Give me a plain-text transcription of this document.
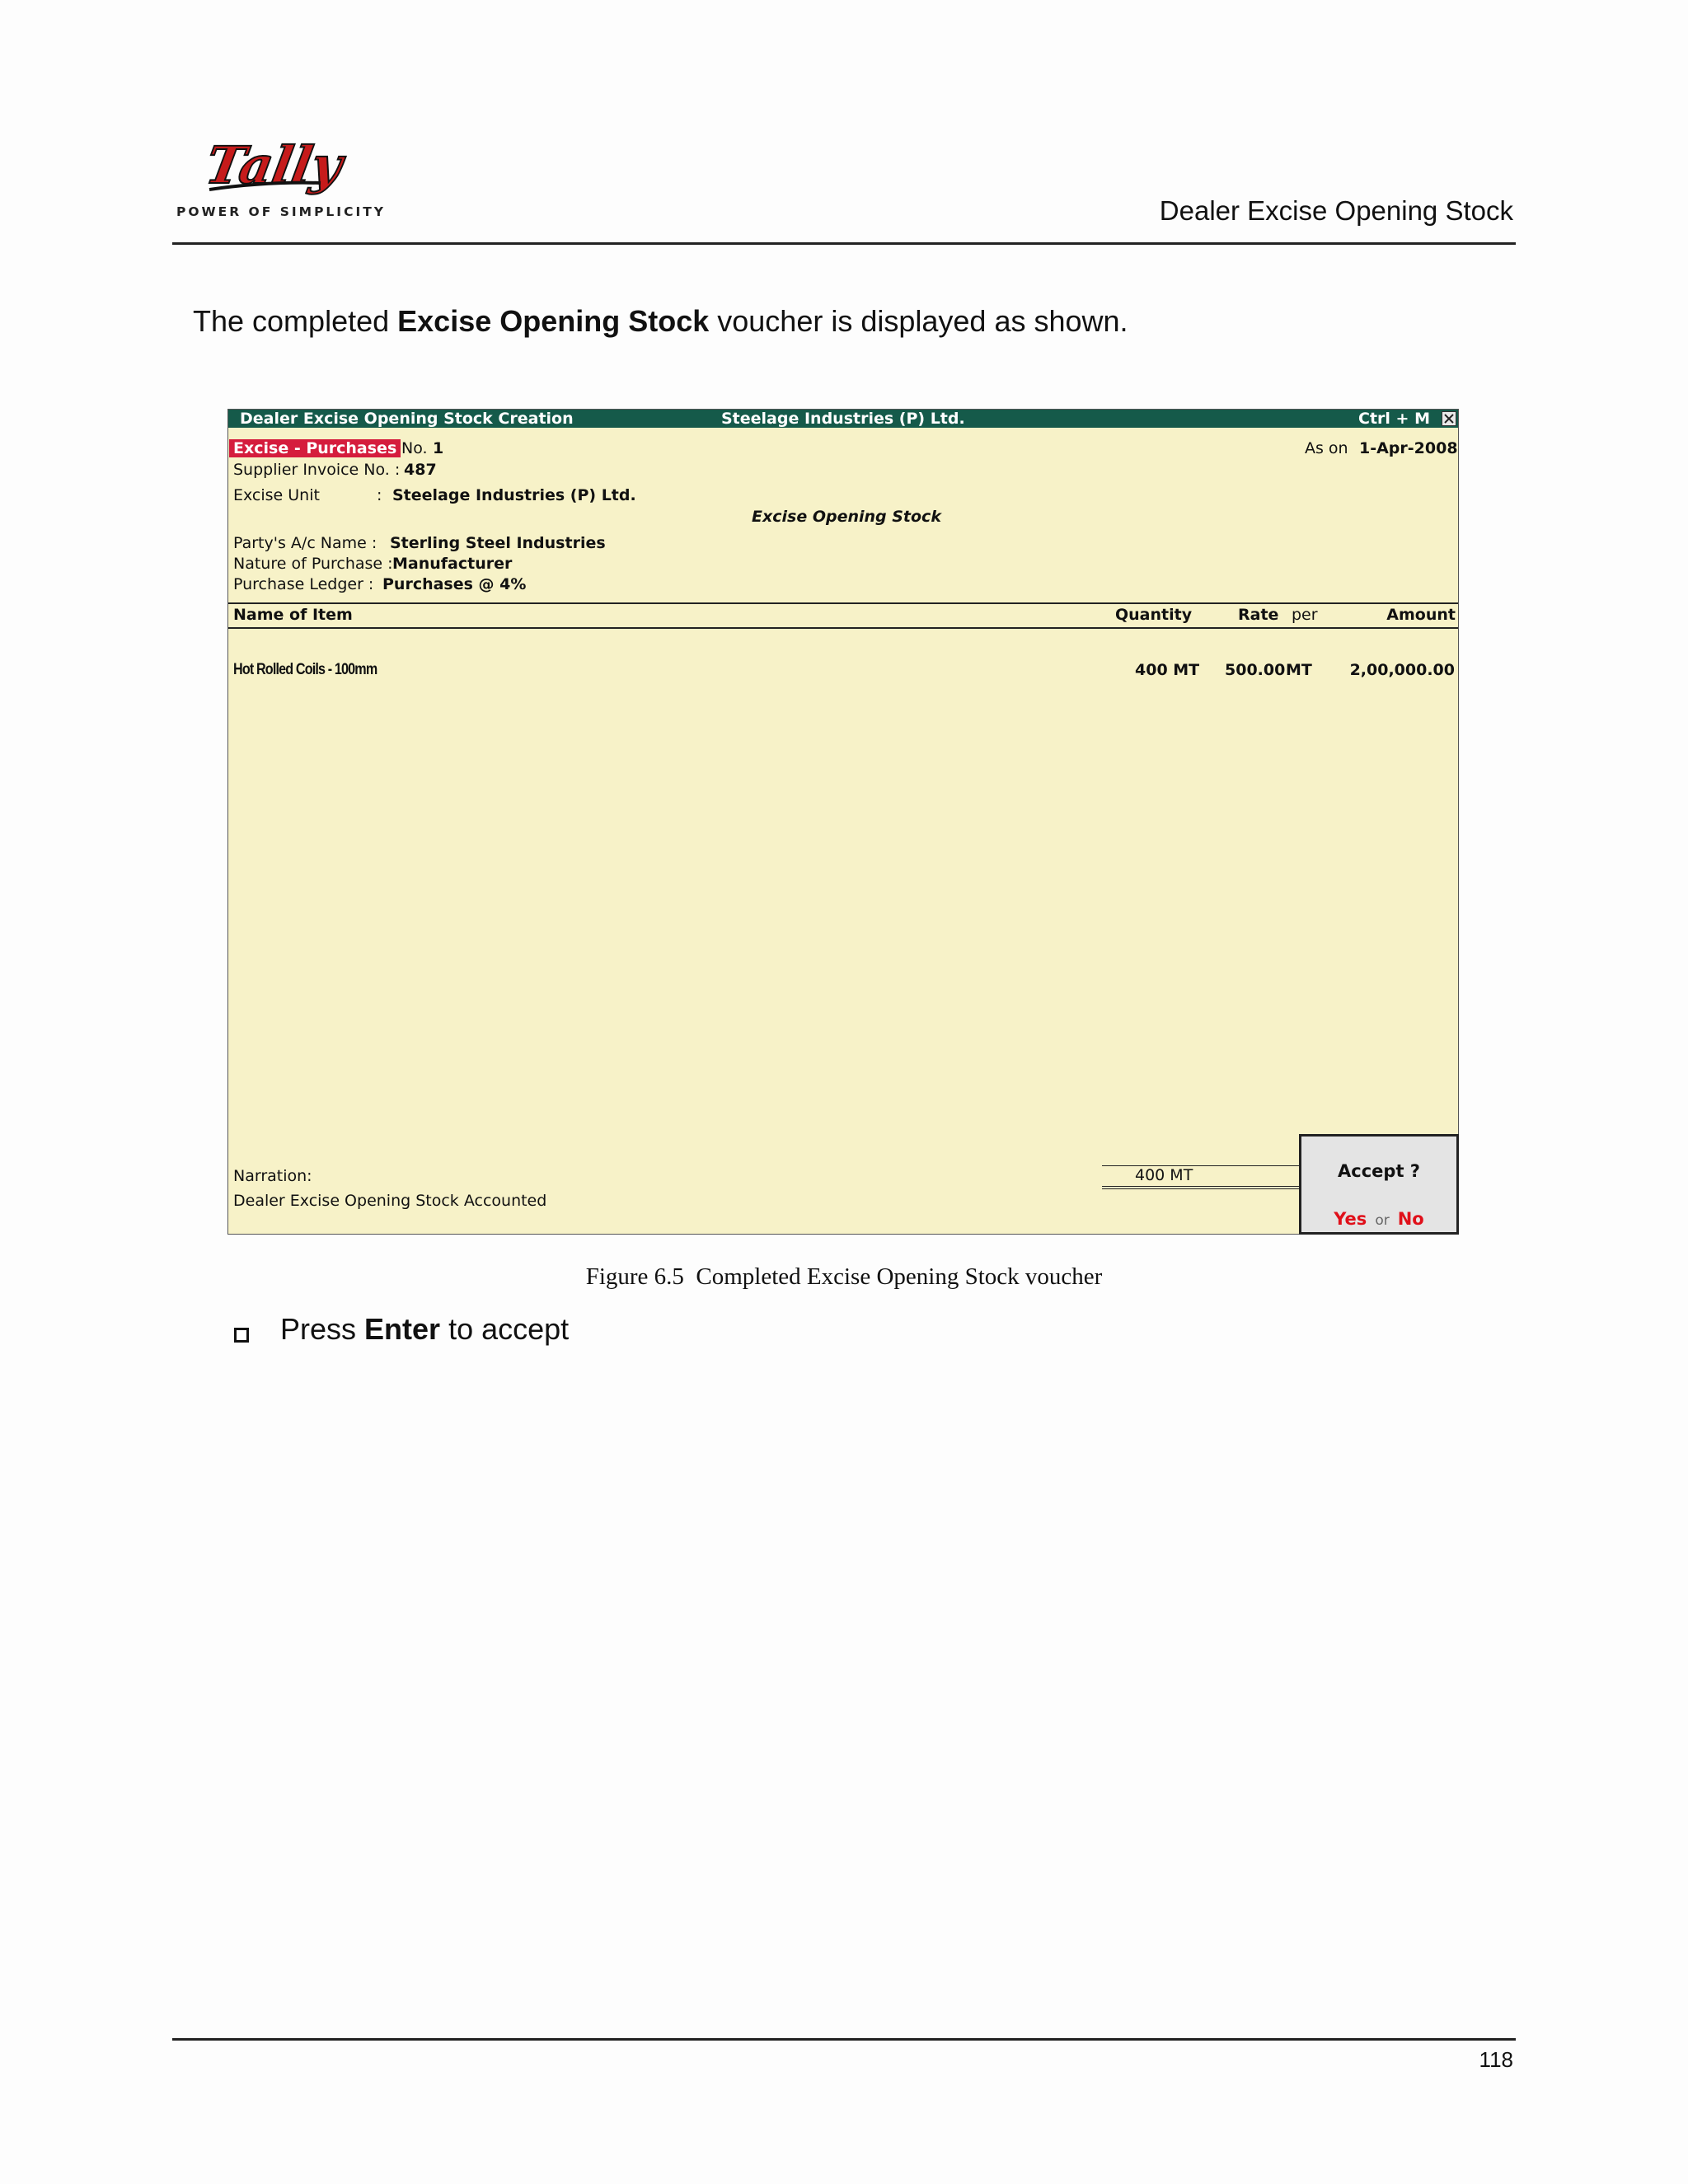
Tally
POWER OF SIMPLICITY	Dealer Excise Opening Stock
The completed Excise Opening Stock voucher is displayed as shown.
Dealer Excise Opening Stock Creation	Steelage Industries (P) Ltd.	Ctrl + M
Excise - Purchases No. 1	As on 1-Apr-2008
Supplier Invoice No. : 487
Excise Unit	: Steelage Industries (P) Ltd.
Excise Opening Stock
Party's A/c Name : Sterling Steel Industries
Nature of Purchase : Manufacturer
Purchase Ledger : Purchases @ 4%
Name of Item	Quantity	Rate per	Amount
Hot Rolled Coils - 100mm	400 MT 500.00 MT 2,00,000.00
400 MT
Narration:
Dealer Excise Opening Stock Accounted
Accept ?
Yes or No
Figure 6.5  Completed Excise Opening Stock voucher
Press Enter to accept
118
